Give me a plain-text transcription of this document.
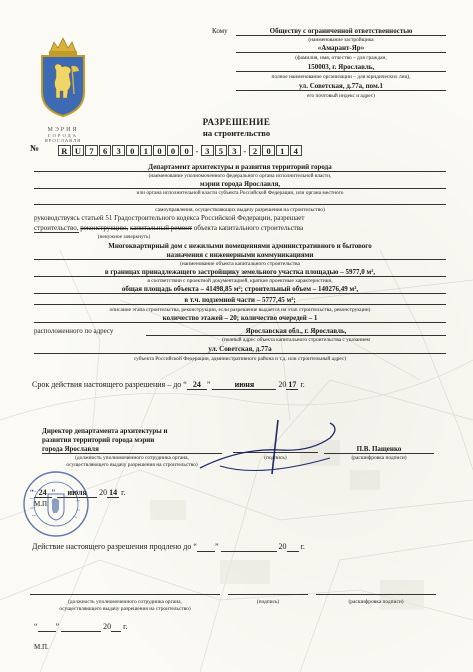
МЭРИЯ
ГОРОДА
ЯРОСЛАВЛЯ
Кому	Обществу с ограниченной ответственностью
(наименование застройщика
«Амарант-Яр»
(фамилия, имя, отчество – для граждан,
150003, г. Ярославль,
полное наименование организации – для юридических лиц),
ул. Советская, д.77а, пом.1
его почтовый индекс и адрес)
РАЗРЕШЕНИЕ
на строительство
№	R U 7 6 3 0 1 0 0 0 - 3 5 3 - 2 0 1 4
Департамент архитектуры и развития территорий города
(наименование уполномоченного федерального органа исполнительной власти,
мэрии города Ярославля,
или органа исполнительной власти субъекта Российской Федерации, или органа местного
самоуправления, осуществляющих выдачу разрешения на строительство)
руководствуясь статьей 51 Градостроительного кодекса Российской Федерации, разрешает
строительство, реконструкцию, капитальный ремонт объекта капитального строительства
(ненужное зачеркнуть)
Многоквартирный дом с нежилыми помещениями административного и бытового
назначения с инженерными коммуникациями
(наименование объекта капитального строительства
в границах принадлежащего застройщику земельного участка площадью – 5977,0 м²,
в соответствии с проектной документацией, краткие проектные характеристики,
общая площадь объекта – 41498,85 м²; строительный объем – 140276,49 м³,
в т.ч. подземной части – 5777,45 м³;
описание этапа строительства, реконструкции, если разрешение выдается на этап строительства, реконструкции)
количество этажей – 20; количество очередей – 1
расположенного по адресу	Ярославская обл., г. Ярославль,
(полный адрес объекта капитального строительства с указанием
ул. Советская, д.77а
субъекта Российской Федерации, административного района и т.д. или строительный адрес)
Срок действия настоящего разрешения – до “ 24 ”	июня	20 17 г.
Директор департамента архитектуры и
развития территорий города мэрии
города Ярославля	П.В. Пащенко
(должность уполномоченного сотрудника органа,
осуществляющего выдачу разрешения на строительство)
(подпись)	(расшифровка подписи)
“ 24 ” июля 20 14 г.
М.П.
Действие настоящего разрешения продлено до “ ”	20 г.
(должность уполномоченного сотрудника органа,
осуществляющего выдачу разрешения на строительство)
(подпись)	(расшифровка подписи)
“ ”	20 г.
М.П.
